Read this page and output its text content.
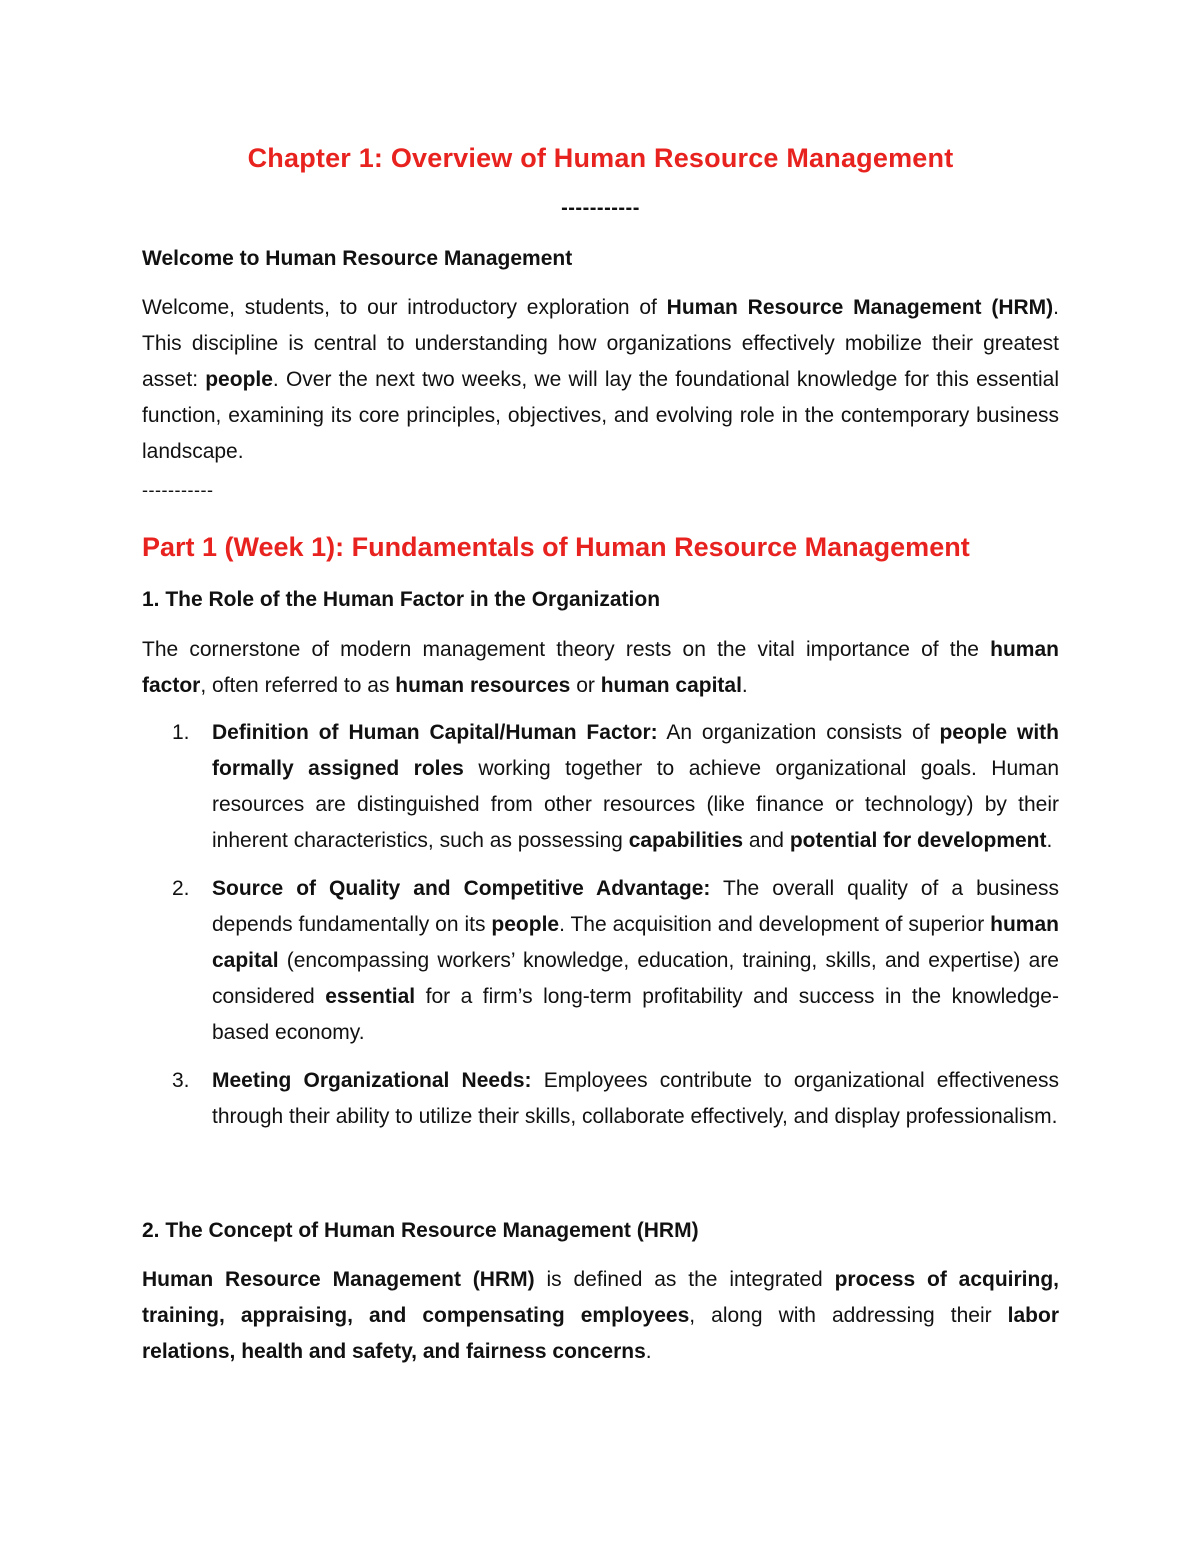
Chapter 1: Overview of Human Resource Management
-----------
Welcome to Human Resource Management

Welcome, students, to our introductory exploration of Human Resource Management (HRM). This discipline is central to understanding how organizations effectively mobilize their greatest asset: people. Over the next two weeks, we will lay the foundational knowledge for this essential function, examining its core principles, objectives, and evolving role in the contemporary business landscape.

-----------
Part 1 (Week 1): Fundamentals of Human Resource Management
1. The Role of the Human Factor in the Organization

The cornerstone of modern management theory rests on the vital importance of the human factor, often referred to as human resources or human capital.

1. Definition of Human Capital/Human Factor: An organization consists of people with formally assigned roles working together to achieve organizational goals. Human resources are distinguished from other resources (like finance or technology) by their inherent characteristics, such as possessing capabilities and potential for development.

2. Source of Quality and Competitive Advantage: The overall quality of a business depends fundamentally on its people. The acquisition and development of superior human capital (encompassing workers’ knowledge, education, training, skills, and expertise) are considered essential for a firm’s long-term profitability and success in the knowledge-based economy.

3. Meeting Organizational Needs: Employees contribute to organizational effectiveness through their ability to utilize their skills, collaborate effectively, and display professionalism.

2. The Concept of Human Resource Management (HRM)

Human Resource Management (HRM) is defined as the integrated process of acquiring, training, appraising, and compensating employees, along with addressing their labor relations, health and safety, and fairness concerns.
